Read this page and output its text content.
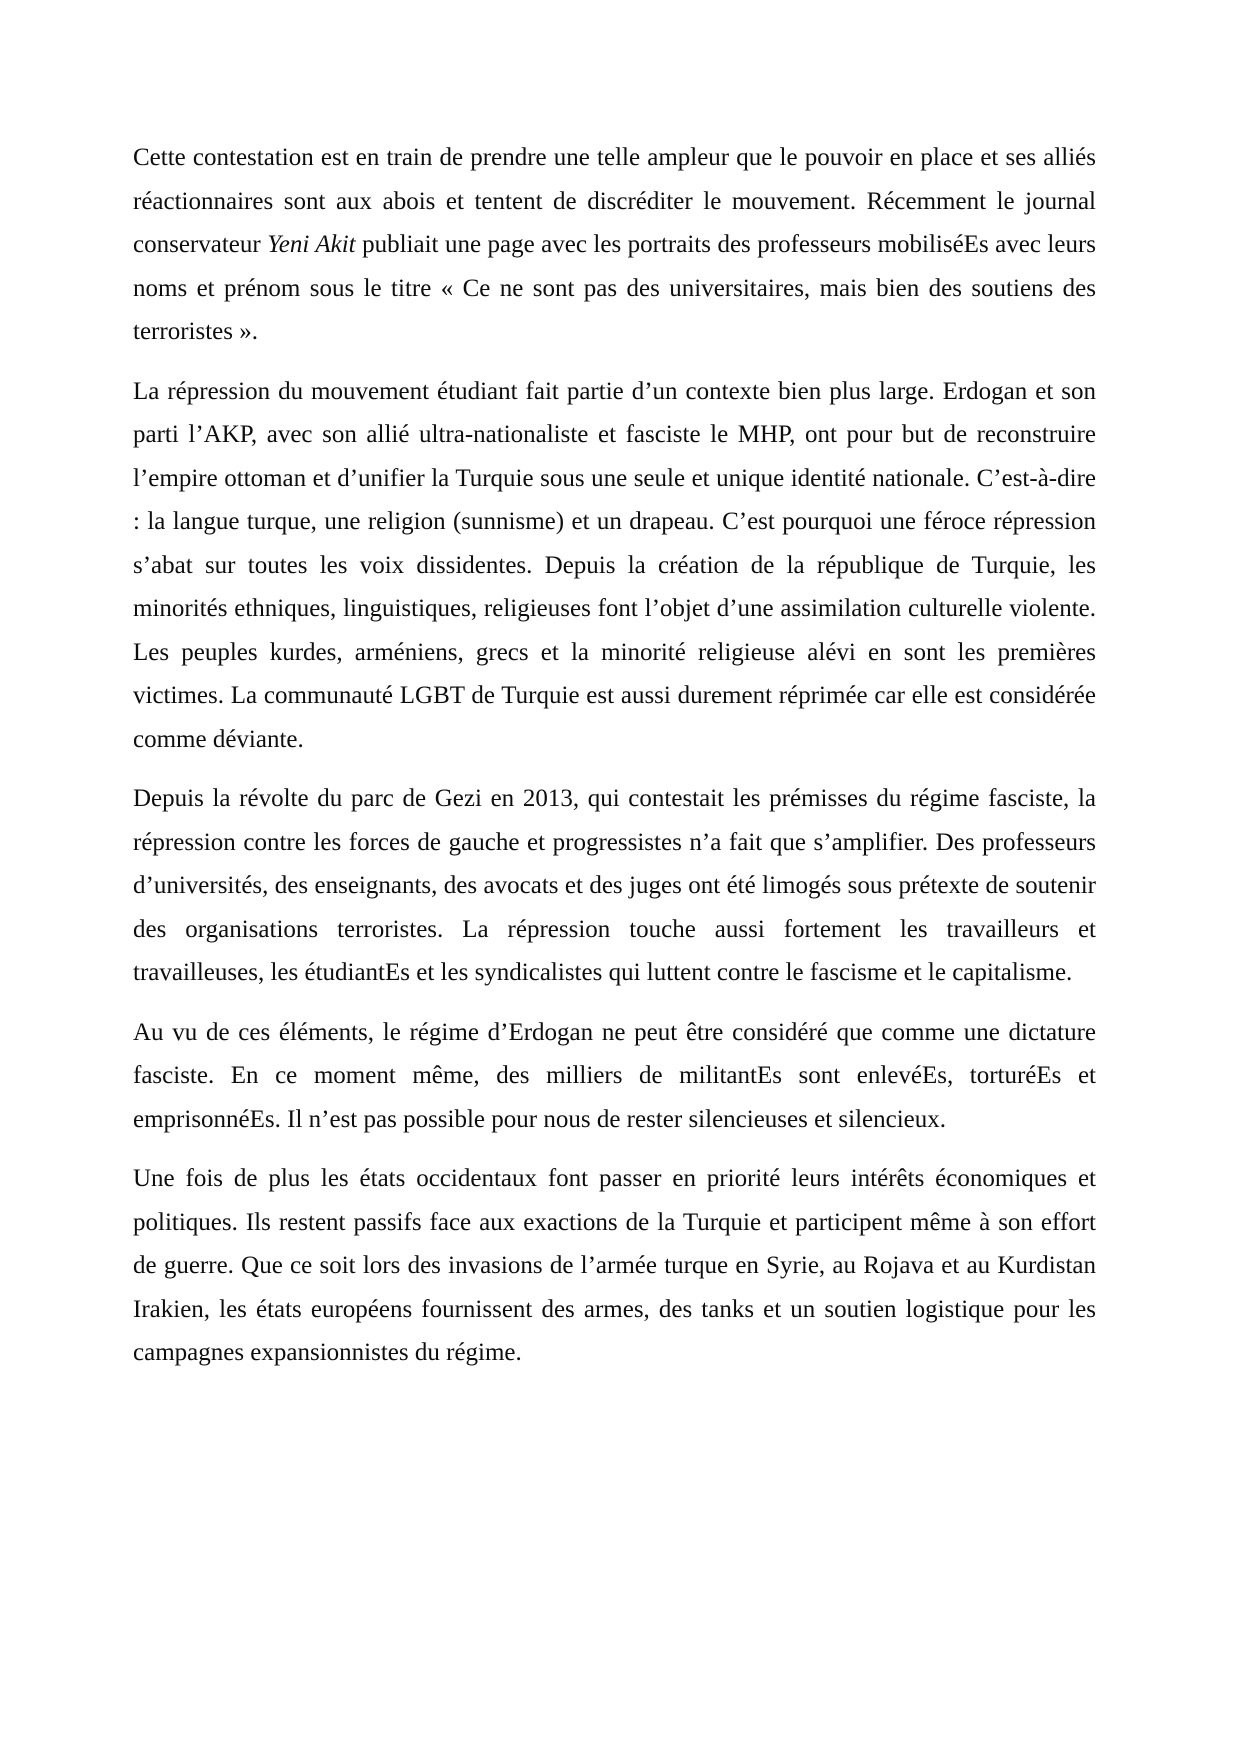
Cette contestation est en train de prendre une telle ampleur que le pouvoir en place et ses alliés réactionnaires sont aux abois et tentent de discréditer le mouvement. Récemment le journal conservateur Yeni Akit publiait une page avec les portraits des professeurs mobiliséEs avec leurs noms et prénom sous le titre « Ce ne sont pas des universitaires, mais bien des soutiens des terroristes ».

La répression du mouvement étudiant fait partie d’un contexte bien plus large. Erdogan et son parti l’AKP, avec son allié ultra-nationaliste et fasciste le MHP, ont pour but de reconstruire l’empire ottoman et d’unifier la Turquie sous une seule et unique identité nationale. C’est-à-dire : la langue turque, une religion (sunnisme) et un drapeau. C’est pourquoi une féroce répression s’abat sur toutes les voix dissidentes. Depuis la création de la république de Turquie, les minorités ethniques, linguistiques, religieuses font l’objet d’une assimilation culturelle violente. Les peuples kurdes, arméniens, grecs et la minorité religieuse alévi en sont les premières victimes. La communauté LGBT de Turquie est aussi durement réprimée car elle est considérée comme déviante.

Depuis la révolte du parc de Gezi en 2013, qui contestait les prémisses du régime fasciste, la répression contre les forces de gauche et progressistes n’a fait que s’amplifier. Des professeurs d’universités, des enseignants, des avocats et des juges ont été limogés sous prétexte de soutenir des organisations terroristes. La répression touche aussi fortement les travailleurs et travailleuses, les étudiantEs et les syndicalistes qui luttent contre le fascisme et le capitalisme.

Au vu de ces éléments, le régime d’Erdogan ne peut être considéré que comme une dictature fasciste. En ce moment même, des milliers de militantEs sont enlevéEs, torturéEs et emprisonnéEs. Il n’est pas possible pour nous de rester silencieuses et silencieux.

Une fois de plus les états occidentaux font passer en priorité leurs intérêts économiques et politiques. Ils restent passifs face aux exactions de la Turquie et participent même à son effort de guerre. Que ce soit lors des invasions de l’armée turque en Syrie, au Rojava et au Kurdistan Irakien, les états européens fournissent des armes, des tanks et un soutien logistique pour les campagnes expansionnistes du régime.
